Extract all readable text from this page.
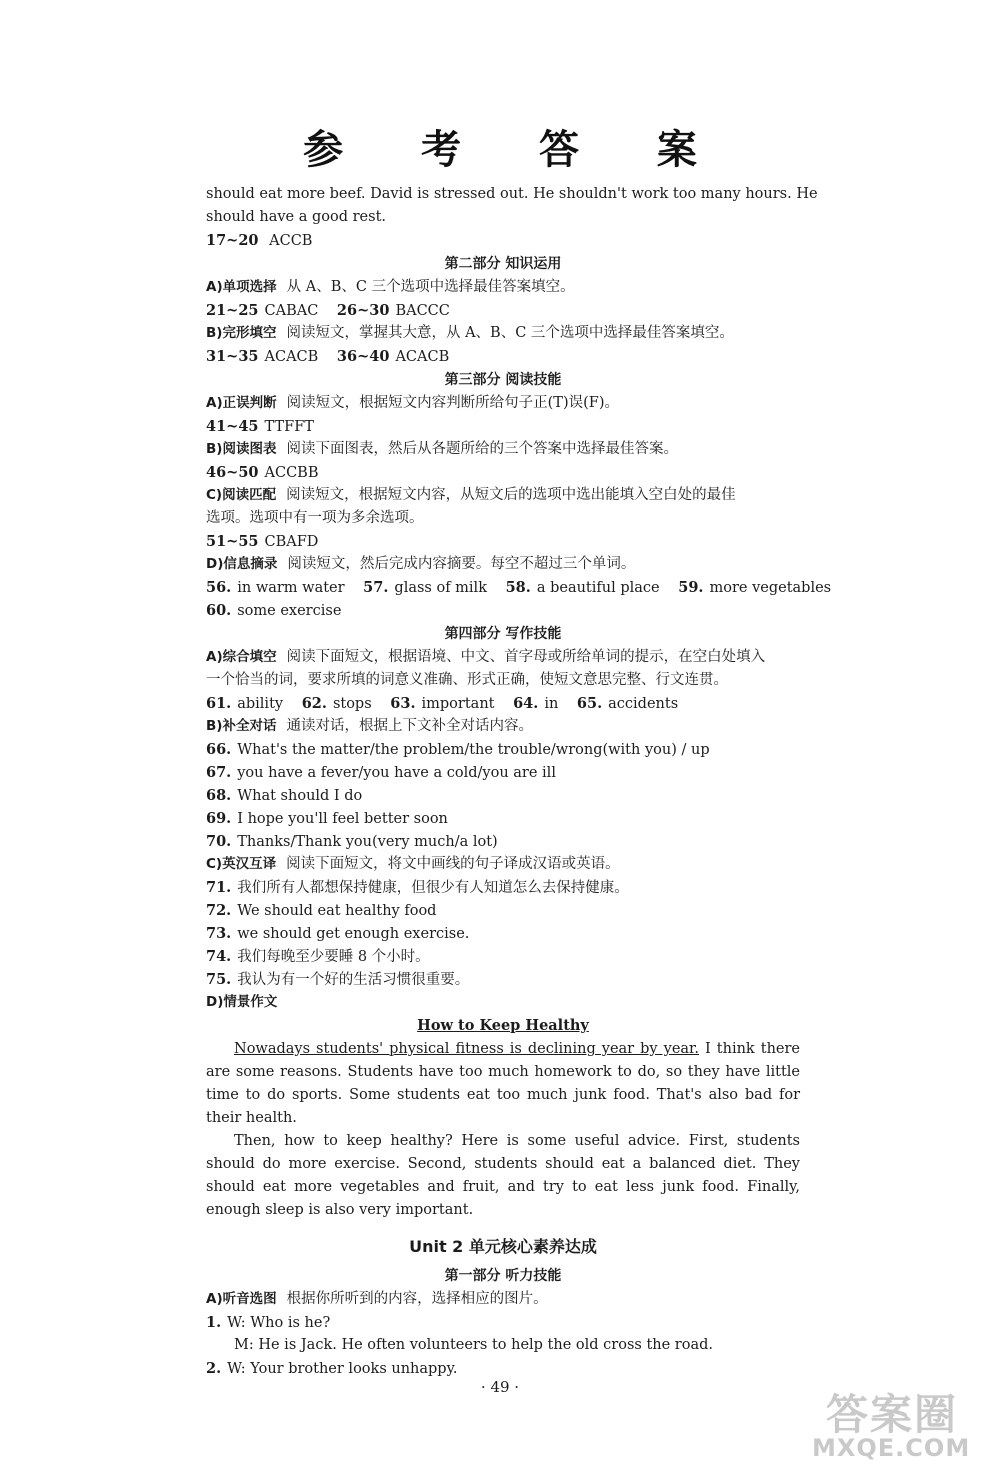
参 考 答 案
should eat more beef. David is stressed out. He shouldn't work too many hours. He
should have a good rest.
17~20 ACCB
第二部分 知识运用
A)单项选择 从 A、B、C 三个选项中选择最佳答案填空。
21~25 CABAC 26~30 BACCC
B)完形填空 阅读短文，掌握其大意，从 A、B、C 三个选项中选择最佳答案填空。
31~35 ACACB 36~40 ACACB
第三部分 阅读技能
A)正误判断 阅读短文，根据短文内容判断所给句子正(T)误(F)。
41~45 TTFFT
B)阅读图表 阅读下面图表，然后从各题所给的三个答案中选择最佳答案。
46~50 ACCBB
C)阅读匹配 阅读短文，根据短文内容，从短文后的选项中选出能填入空白处的最佳
选项。选项中有一项为多余选项。
51~55 CBAFD
D)信息摘录 阅读短文，然后完成内容摘要。每空不超过三个单词。
56. in warm water 57. glass of milk 58. a beautiful place 59. more vegetables
60. some exercise
第四部分 写作技能
A)综合填空 阅读下面短文，根据语境、中文、首字母或所给单词的提示，在空白处填入
一个恰当的词，要求所填的词意义准确、形式正确，使短文意思完整、行文连贯。
61. ability 62. stops 63. important 64. in 65. accidents
B)补全对话 通读对话，根据上下文补全对话内容。
66. What's the matter/the problem/the trouble/wrong(with you) / up
67. you have a fever/you have a cold/you are ill
68. What should I do
69. I hope you'll feel better soon
70. Thanks/Thank you(very much/a lot)
C)英汉互译 阅读下面短文，将文中画线的句子译成汉语或英语。
71. 我们所有人都想保持健康，但很少有人知道怎么去保持健康。
72. We should eat healthy food
73. we should get enough exercise.
74. 我们每晚至少要睡 8 个小时。
75. 我认为有一个好的生活习惯很重要。
D)情景作文
How to Keep Healthy
Nowadays students' physical fitness is declining year by year. I think there are some reasons. Students have too much homework to do, so they have little time to do sports. Some students eat too much junk food. That's also bad for their health.
Then, how to keep healthy? Here is some useful advice. First, students should do more exercise. Second, students should eat a balanced diet. They should eat more vegetables and fruit, and try to eat less junk food. Finally, enough sleep is also very important.
Unit 2 单元核心素养达成
第一部分 听力技能
A)听音选图 根据你所听到的内容，选择相应的图片。
1. W: Who is he?
M: He is Jack. He often volunteers to help the old cross the road.
2. W: Your brother looks unhappy.
· 49 ·
答案圈
MXQE.COM
